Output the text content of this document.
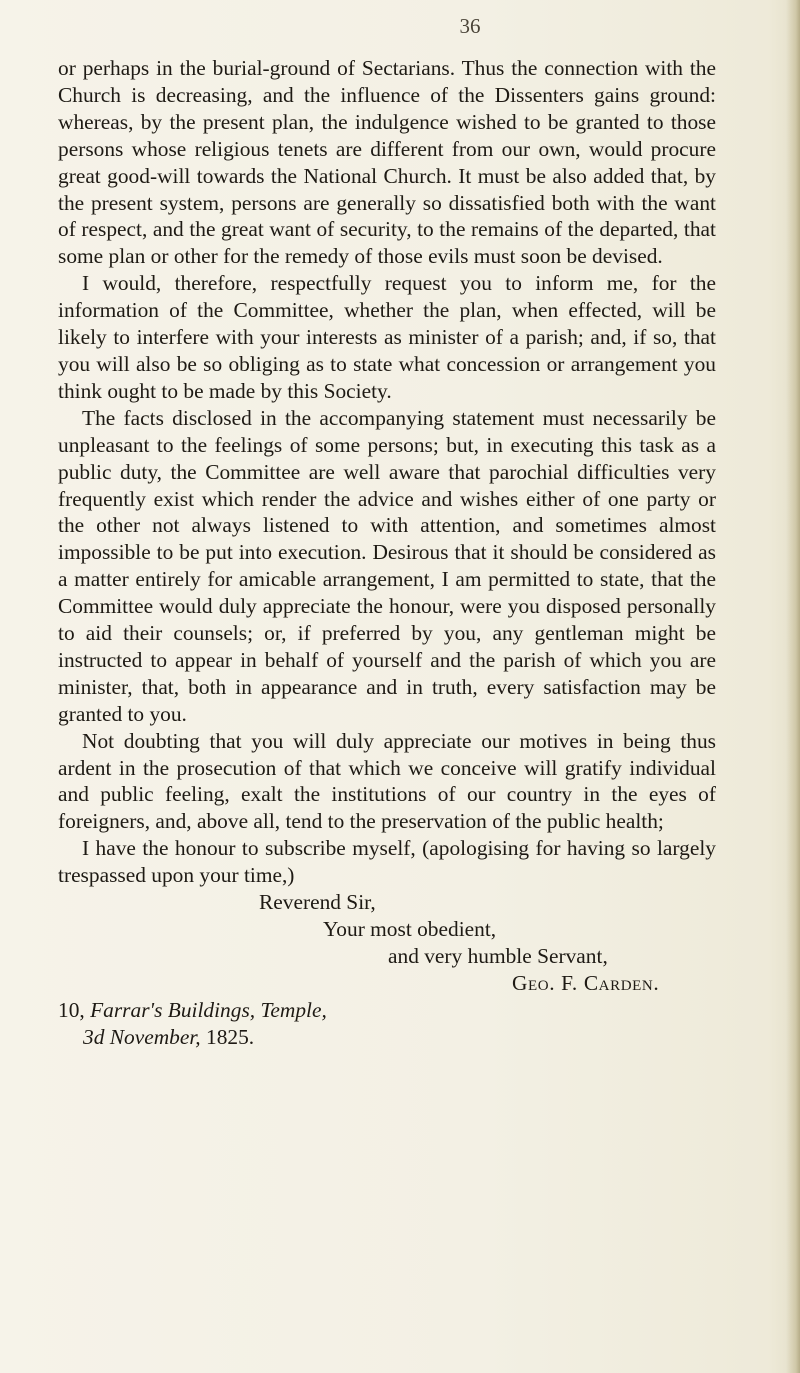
36

or perhaps in the burial-ground of Sectarians. Thus the connection with the Church is decreasing, and the influence of the Dissenters gains ground: whereas, by the present plan, the indulgence wished to be granted to those persons whose religious tenets are different from our own, would procure great good-will towards the National Church. It must be also added that, by the present system, persons are generally so dissatisfied both with the want of respect, and the great want of security, to the remains of the departed, that some plan or other for the remedy of those evils must soon be devised.

I would, therefore, respectfully request you to inform me, for the information of the Committee, whether the plan, when effected, will be likely to interfere with your interests as minister of a parish; and, if so, that you will also be so obliging as to state what concession or arrangement you think ought to be made by this Society.

The facts disclosed in the accompanying statement must necessarily be unpleasant to the feelings of some persons; but, in executing this task as a public duty, the Committee are well aware that parochial difficulties very frequently exist which render the advice and wishes either of one party or the other not always listened to with attention, and sometimes almost impossible to be put into execution. Desirous that it should be considered as a matter entirely for amicable arrangement, I am permitted to state, that the Committee would duly appreciate the honour, were you disposed personally to aid their counsels; or, if preferred by you, any gentleman might be instructed to appear in behalf of yourself and the parish of which you are minister, that, both in appearance and in truth, every satisfaction may be granted to you.

Not doubting that you will duly appreciate our motives in being thus ardent in the prosecution of that which we conceive will gratify individual and public feeling, exalt the institutions of our country in the eyes of foreigners, and, above all, tend to the preservation of the public health;

I have the honour to subscribe myself, (apologising for having so largely trespassed upon your time,)

Reverend Sir,

Your most obedient,

and very humble Servant,

Geo. F. Carden.

10, Farrar's Buildings, Temple,

3d November, 1825.
